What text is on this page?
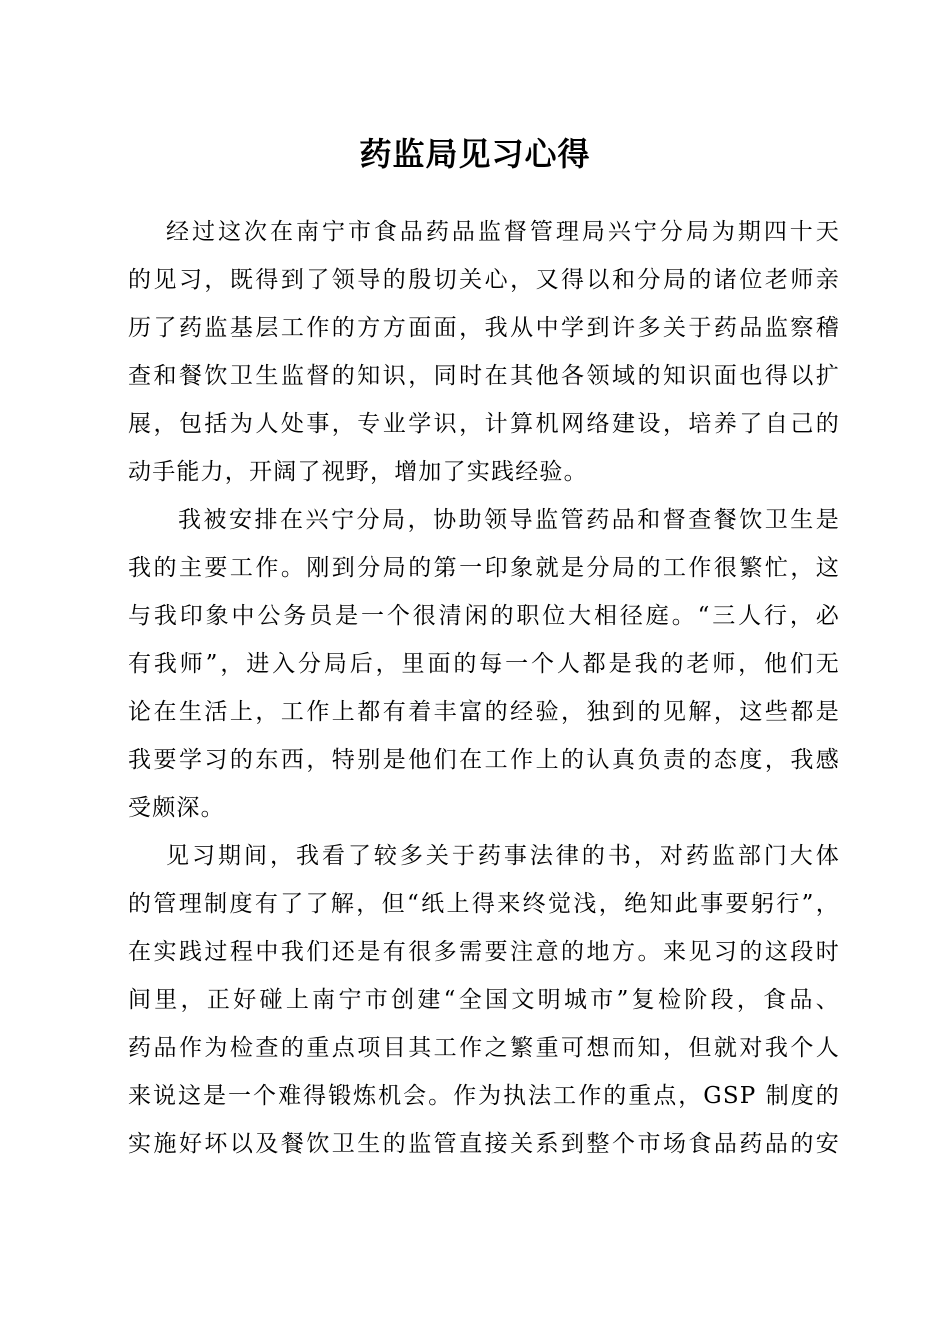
药监局见习心得
经过这次在南宁市食品药品监督管理局兴宁分局为期四十天
的见习，既得到了领导的殷切关心，又得以和分局的诸位老师亲
历了药监基层工作的方方面面，我从中学到许多关于药品监察稽
查和餐饮卫生监督的知识，同时在其他各领域的知识面也得以扩
展，包括为人处事，专业学识，计算机网络建设，培养了自己的
动手能力，开阔了视野，增加了实践经验。
我被安排在兴宁分局，协助领导监管药品和督查餐饮卫生是
我的主要工作。刚到分局的第一印象就是分局的工作很繁忙，这
与我印象中公务员是一个很清闲的职位大相径庭。“三人行，必
有我师”，进入分局后，里面的每一个人都是我的老师，他们无
论在生活上，工作上都有着丰富的经验，独到的见解，这些都是
我要学习的东西，特别是他们在工作上的认真负责的态度，我感
受颇深。
见习期间，我看了较多关于药事法律的书，对药监部门大体
的管理制度有了了解，但“纸上得来终觉浅，绝知此事要躬行”，
在实践过程中我们还是有很多需要注意的地方。来见习的这段时
间里，正好碰上南宁市创建“全国文明城市”复检阶段，食品、
药品作为检查的重点项目其工作之繁重可想而知，但就对我个人
来说这是一个难得锻炼机会。作为执法工作的重点，GSP 制度的
实施好坏以及餐饮卫生的监管直接关系到整个市场食品药品的安
